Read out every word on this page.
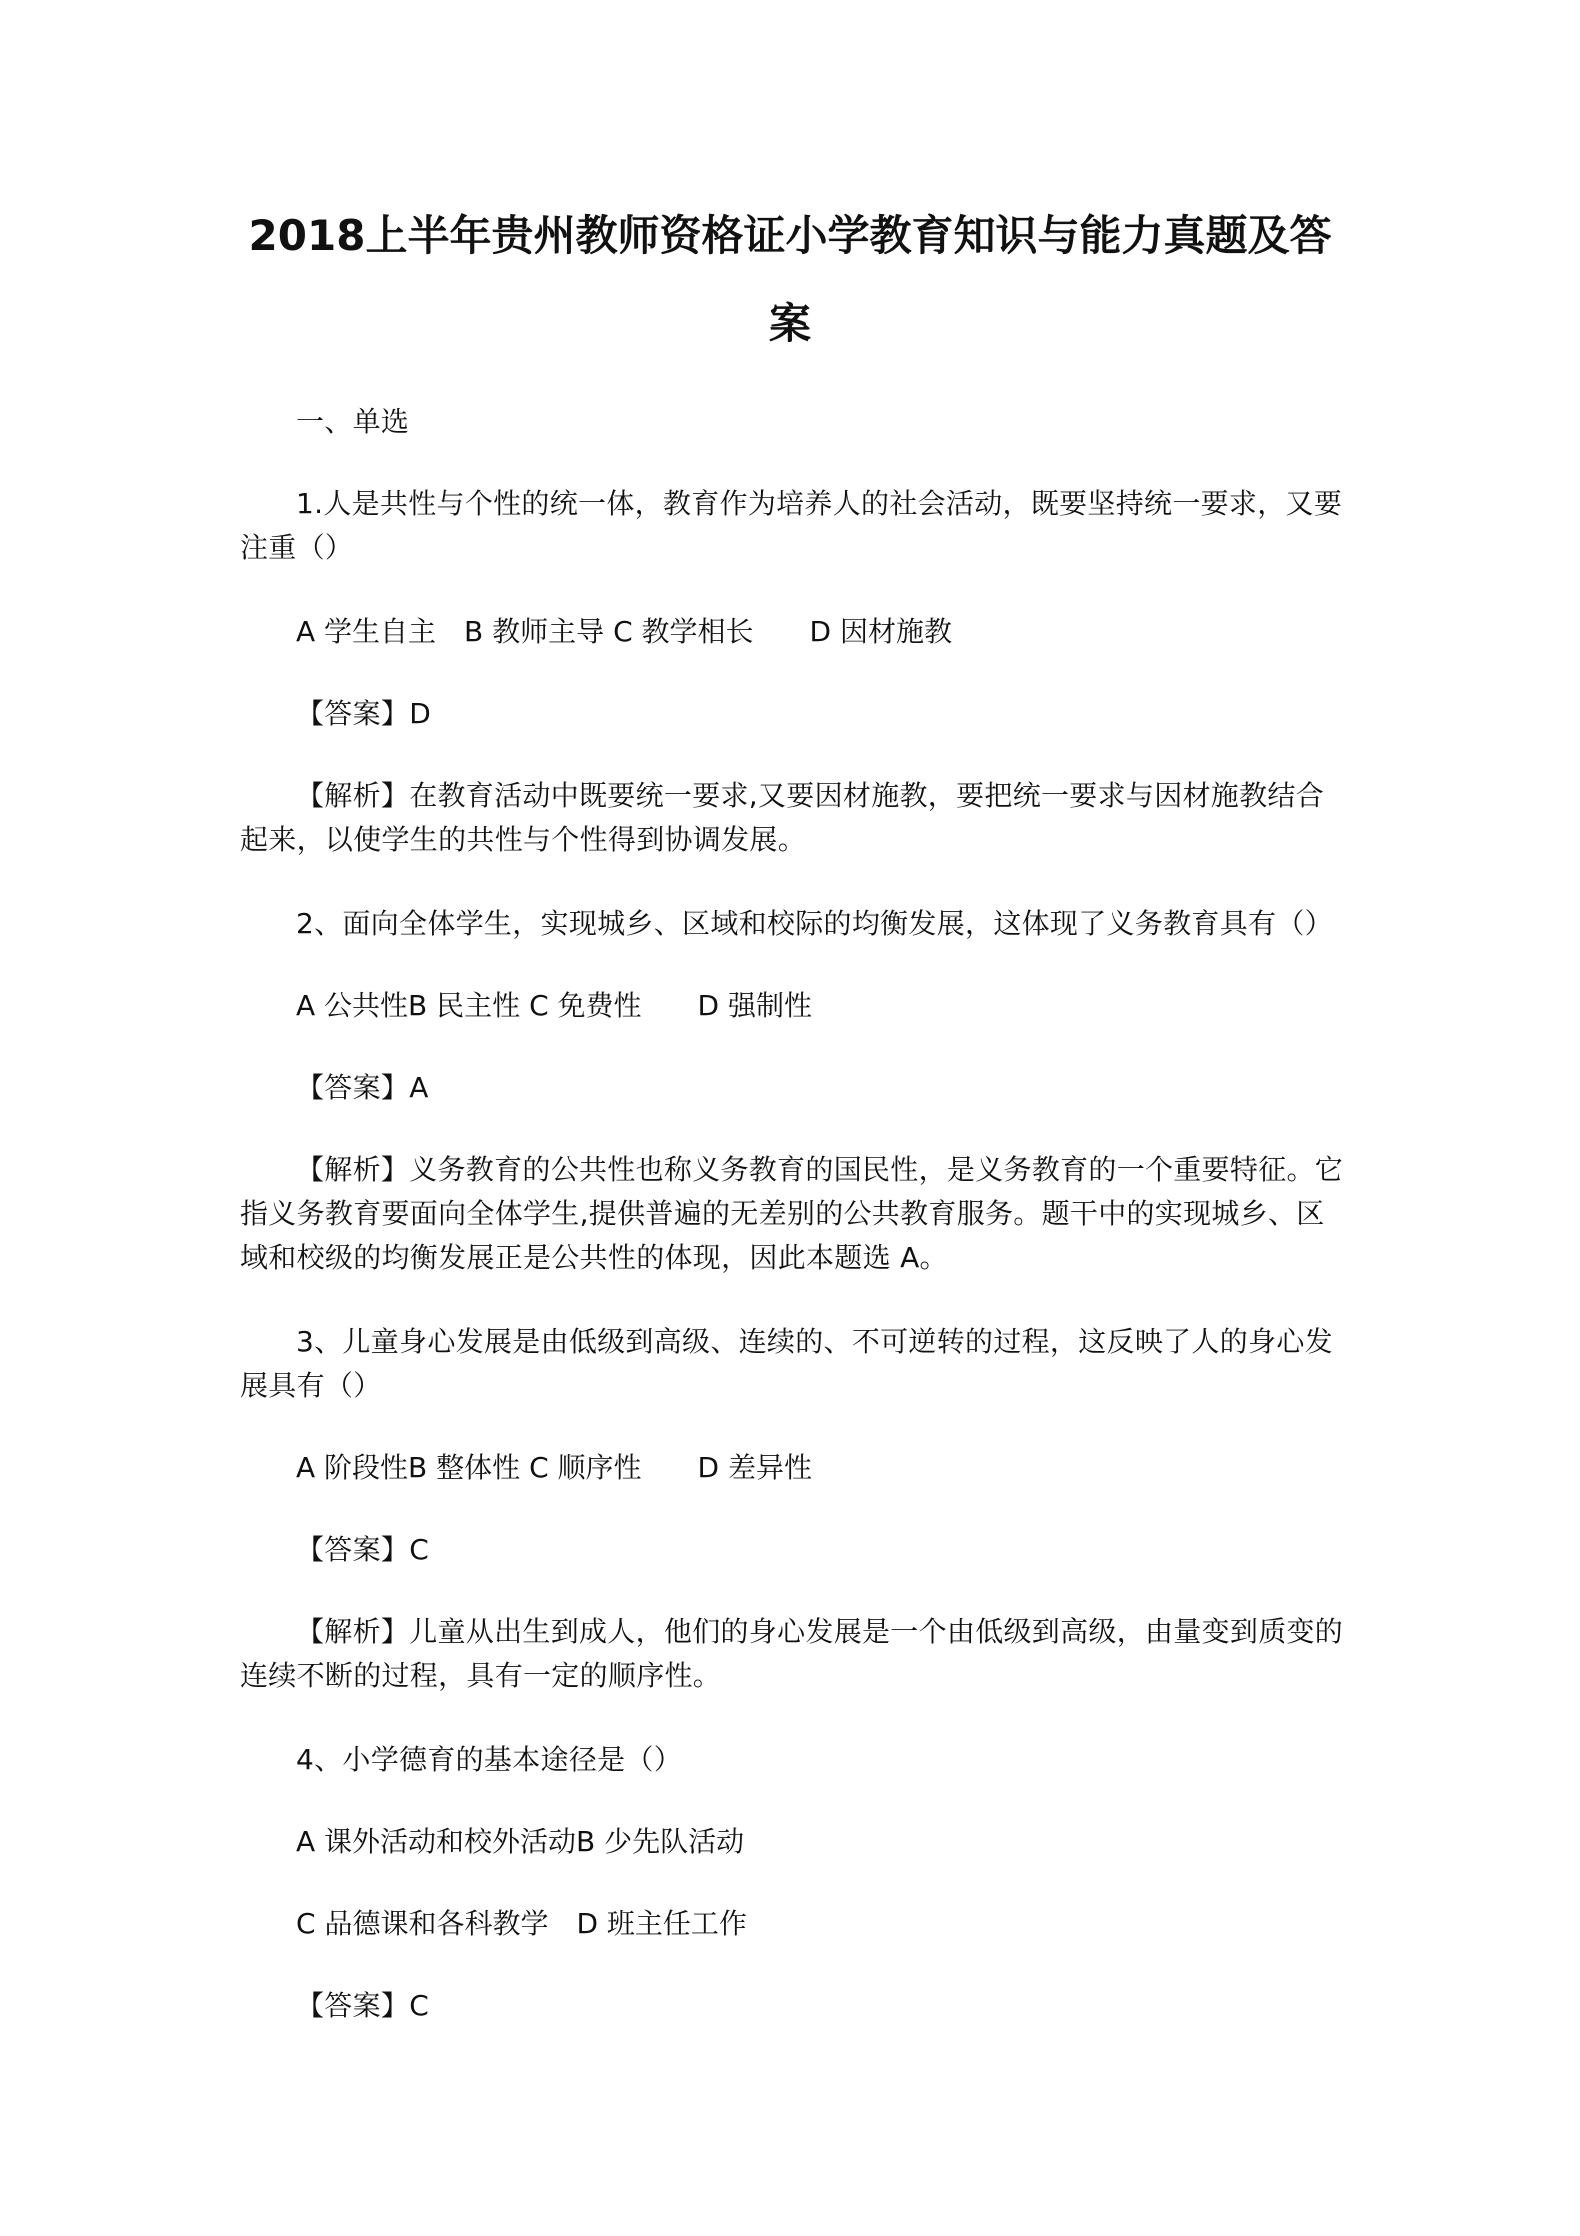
2018上半年贵州教师资格证小学教育知识与能力真题及答案

一、单选

1.人是共性与个性的统一体，教育作为培养人的社会活动，既要坚持统一要求，又要注重（）

A 学生自主　B 教师主导 C 教学相长　　D 因材施教

【答案】D

【解析】在教育活动中既要统一要求,又要因材施教，要把统一要求与因材施教结合起来，以使学生的共性与个性得到协调发展。

2、面向全体学生，实现城乡、区域和校际的均衡发展，这体现了义务教育具有（）

A 公共性B 民主性 C 免费性　　D 强制性

【答案】A

【解析】义务教育的公共性也称义务教育的国民性，是义务教育的一个重要特征。它指义务教育要面向全体学生,提供普遍的无差别的公共教育服务。题干中的实现城乡、区域和校级的均衡发展正是公共性的体现，因此本题选 A。

3、儿童身心发展是由低级到高级、连续的、不可逆转的过程，这反映了人的身心发展具有（）

A 阶段性B 整体性 C 顺序性　　D 差异性

【答案】C

【解析】儿童从出生到成人，他们的身心发展是一个由低级到高级，由量变到质变的连续不断的过程，具有一定的顺序性。

4、小学德育的基本途径是（）

A 课外活动和校外活动B 少先队活动

C 品德课和各科教学　D 班主任工作

【答案】C
